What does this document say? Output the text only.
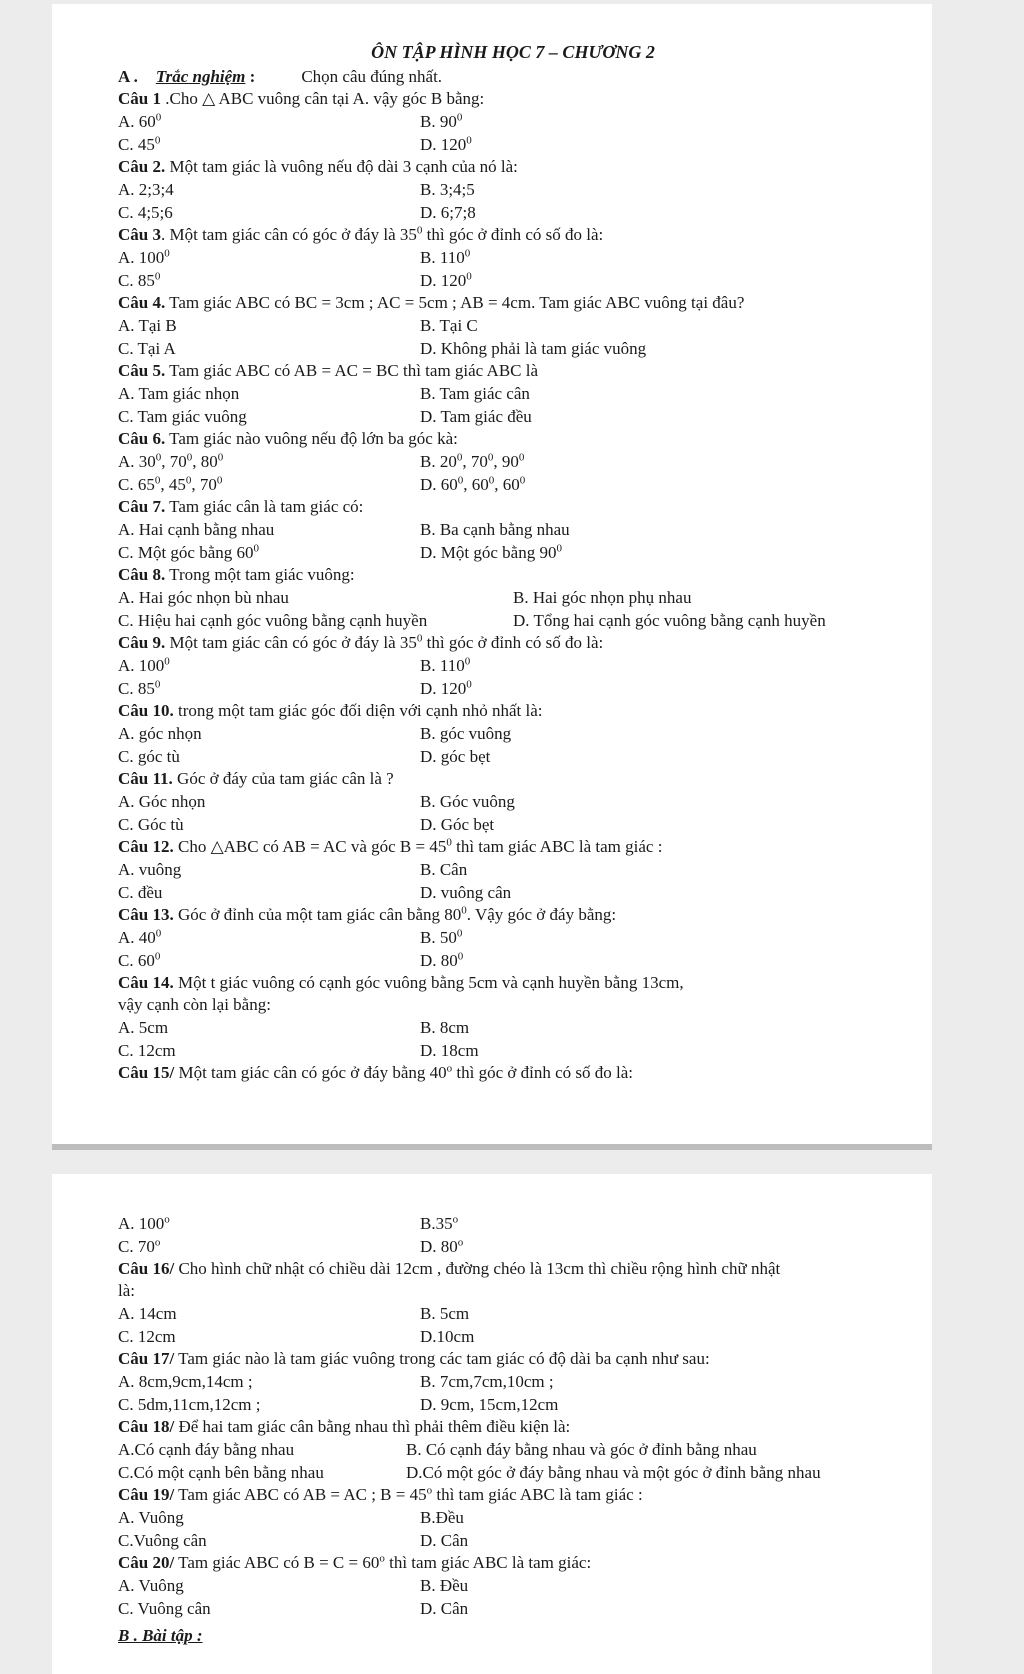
ÔN TẬP HÌNH HỌC 7 – CHƯƠNG 2
A . Trắc nghiệm :	Chọn câu đúng nhất.
Câu 1 .Cho △ ABC vuông cân tại A. vậy góc B bằng:
A. $60^0$	B. $90^0$
C. $45^0$	D. $120^0$
Câu 2. Một tam giác là vuông nếu độ dài 3 cạnh của nó là:
A. 2;3;4	B. 3;4;5
C. 4;5;6	D. 6;7;8
Câu 3. Một tam giác cân có góc ở đáy là $35^0$ thì góc ở đỉnh có số đo là:
A. $100^0$	B. $110^0$
C. $85^0$	D. $120^0$
Câu 4. Tam giác ABC có BC = 3cm ; AC = 5cm ; AB = 4cm. Tam giác ABC vuông tại đâu?
A. Tại B	B. Tại C
C. Tại A	D. Không phải là tam giác vuông
Câu 5. Tam giác ABC có AB = AC = BC thì tam giác ABC là
A. Tam giác nhọn	B. Tam giác cân
C. Tam giác vuông	D. Tam giác đều
Câu 6. Tam giác nào vuông nếu độ lớn ba góc kà:
A. $30^0$, $70^0$, $80^0$	B. $20^0$, $70^0$, $90^0$
C. $65^0$, $45^0$, $70^0$	D. $60^0$, $60^0$, $60^0$
Câu 7. Tam giác cân là tam giác có:
A. Hai cạnh bằng nhau	B. Ba cạnh bằng nhau
C. Một góc bằng $60^0$	D. Một góc bằng $90^0$
Câu 8. Trong một tam giác vuông:
A. Hai góc nhọn bù nhau	B. Hai góc nhọn phụ nhau
C. Hiệu hai cạnh góc vuông bằng cạnh huyền	D. Tổng hai cạnh góc vuông bằng cạnh huyền
Câu 9. Một tam giác cân có góc ở đáy là $35^0$ thì góc ở đỉnh có số đo là:
A. $100^0$	B. $110^0$
C. $85^0$	D. $120^0$
Câu 10. trong một tam giác góc đối diện với cạnh nhỏ nhất là:
A. góc nhọn	B. góc vuông
C. góc tù	D. góc bẹt
Câu 11. Góc ở đáy của tam giác cân là ?
A. Góc nhọn	B. Góc vuông
C. Góc tù	D. Góc bẹt
Câu 12. Cho △ABC có AB = AC và góc $B = 45^0$ thì tam giác ABC là tam giác :
A. vuông	B. Cân
C. đều	D. vuông cân
Câu 13. Góc ở đỉnh của một tam giác cân bằng $80^0$. Vậy góc ở đáy bằng:
A. $40^0$	B. $50^0$
C. $60^0$	D. $80^0$
Câu 14. Một t giác vuông có cạnh góc vuông bằng 5cm và cạnh huyền bằng 13cm,
vậy cạnh còn lại bằng:
A. 5cm	B. 8cm
C. 12cm	D. 18cm
Câu 15/ Một tam giác cân có góc ở đáy bằng 40$^o$ thì góc ở đỉnh có số đo là:
A. 100$^o$	B.35$^o$
C. 70$^o$	D. 80$^o$
Câu 16/ Cho hình chữ nhật có chiều dài 12cm , đường chéo là 13cm thì chiều rộng hình chữ nhật
là:
A. 14cm	B. 5cm
C. 12cm	D.10cm
Câu 17/ Tam giác nào là tam giác vuông trong các tam giác có độ dài ba cạnh như sau:
A. 8cm,9cm,14cm ;	B. 7cm,7cm,10cm ;
C. 5dm,11cm,12cm ;	D. 9cm, 15cm,12cm
Câu 18/ Để hai tam giác cân bằng nhau thì phải thêm điều kiện là:
A.Có cạnh đáy bằng nhau	B. Có cạnh đáy bằng nhau và góc ở đỉnh bằng nhau
C.Có một cạnh bên bằng nhau	D.Có một góc ở đáy bằng nhau và một góc ở đỉnh bằng nhau
Câu 19/ Tam giác ABC có AB = AC ; $B = 45^o$ thì tam giác ABC là tam giác :
A. Vuông	B.Đều
C.Vuông cân	D. Cân
Câu 20/ Tam giác ABC có $B = C = 60^o$ thì tam giác ABC là tam giác:
A. Vuông	B. Đều
C. Vuông cân	D. Cân
B . Bài tập :
